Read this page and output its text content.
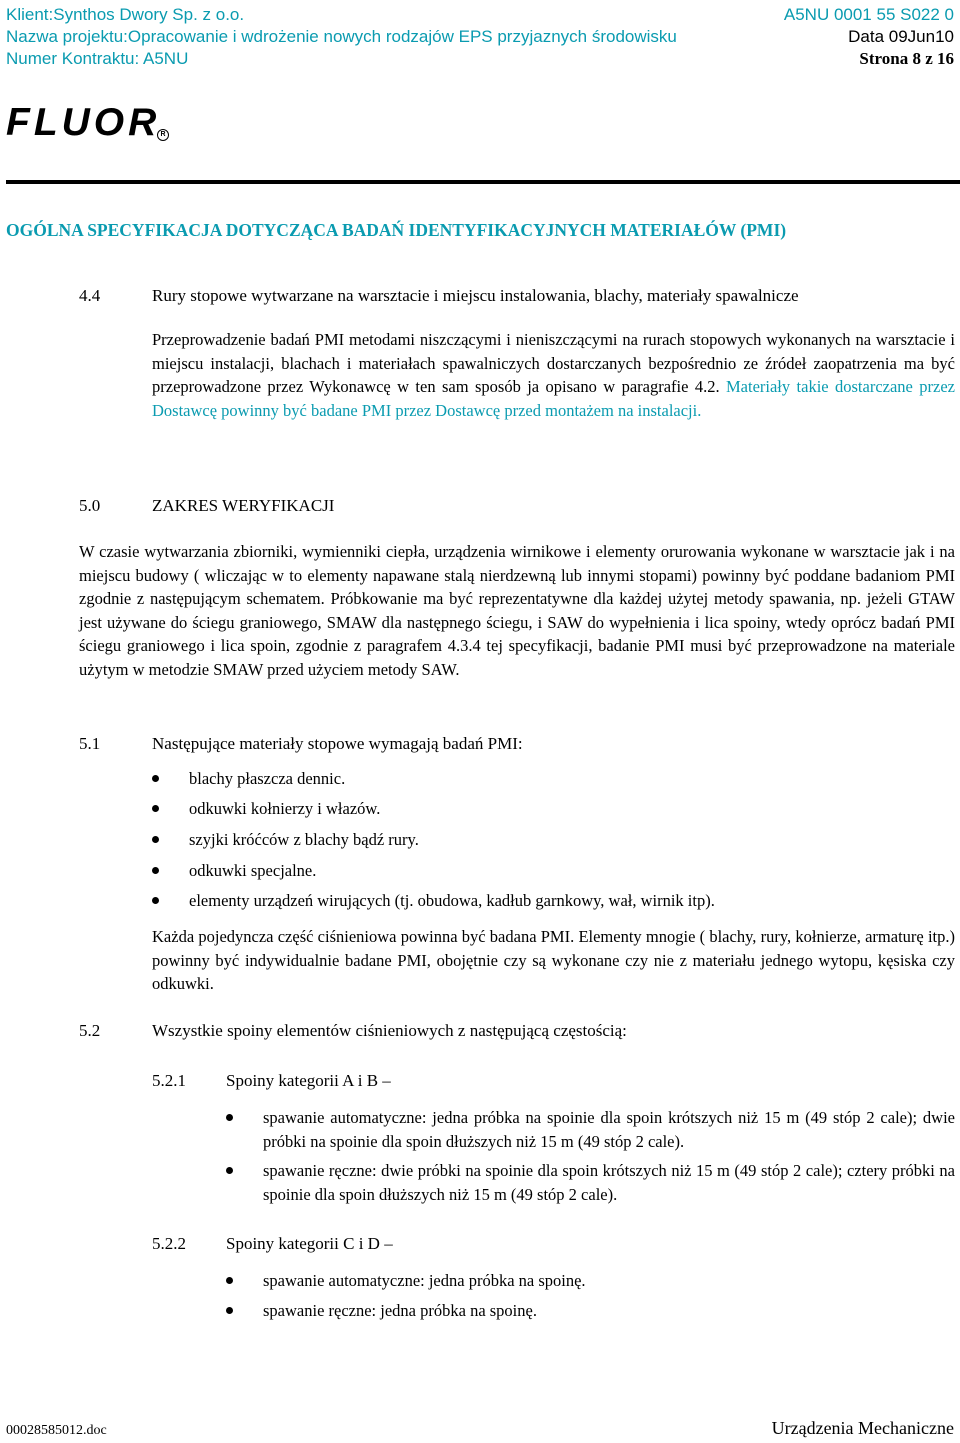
Klient:Synthos Dwory Sp. z o.o.	A5NU 0001 55 S022 0
Nazwa projektu:Opracowanie i wdrożenie nowych rodzajów EPS przyjaznych środowisku	Data 09Jun10
Numer Kontraktu: A5NU	Strona 8 z 16
FLUOR R
OGÓLNA SPECYFIKACJA DOTYCZĄCA BADAŃ IDENTYFIKACYJNYCH MATERIAŁÓW (PMI)
4.4	Rury stopowe wytwarzane na warsztacie i miejscu instalowania, blachy, materiały spawalnicze
Przeprowadzenie badań PMI metodami niszczącymi i nieniszczącymi na rurach stopowych wykonanych na warsztacie i miejscu instalacji, blachach i materiałach spawalniczych dostarczanych bezpośrednio ze źródeł zaopatrzenia ma być przeprowadzone przez Wykonawcę w ten sam sposób ja opisano w paragrafie 4.2. Materiały takie dostarczane przez Dostawcę powinny być badane PMI przez Dostawcę przed montażem na instalacji.
5.0	ZAKRES WERYFIKACJI
W czasie wytwarzania zbiorniki, wymienniki ciepła, urządzenia wirnikowe i elementy orurowania wykonane w warsztacie jak i na miejscu budowy ( wliczając w to elementy napawane stalą nierdzewną lub innymi stopami) powinny być poddane badaniom PMI zgodnie z następującym schematem. Próbkowanie ma być reprezentatywne dla każdej użytej metody spawania, np. jeżeli GTAW jest używane do ściegu graniowego, SMAW dla następnego ściegu, i SAW do wypełnienia i lica spoiny, wtedy oprócz badań PMI ściegu graniowego i lica spoin, zgodnie z paragrafem 4.3.4 tej specyfikacji, badanie PMI musi być przeprowadzone na materiale użytym w metodzie SMAW przed użyciem metody SAW.
5.1	Następujące materiały stopowe wymagają badań PMI:
blachy płaszcza dennic.
odkuwki kołnierzy i włazów.
szyjki króćców z blachy bądź rury.
odkuwki specjalne.
elementy urządzeń wirujących (tj. obudowa, kadłub garnkowy, wał, wirnik itp).
Każda pojedyncza część ciśnieniowa powinna być badana PMI. Elementy mnogie ( blachy, rury, kołnierze, armaturę itp.) powinny być indywidualnie badane PMI, obojętnie czy są wykonane czy nie z materiału jednego wytopu, kęsiska czy odkuwki.
5.2	Wszystkie spoiny elementów ciśnieniowych z następującą częstością:
5.2.1 Spoiny kategorii A i B –
spawanie automatyczne: jedna próbka na spoinie dla spoin krótszych niż 15 m (49 stóp 2 cale); dwie próbki na spoinie dla spoin dłuższych niż 15 m (49 stóp 2 cale).
spawanie ręczne: dwie próbki na spoinie dla spoin krótszych niż 15 m (49 stóp 2 cale); cztery próbki na spoinie dla spoin dłuższych niż 15 m (49 stóp 2 cale).
5.2.2 Spoiny kategorii C i D –
spawanie automatyczne: jedna próbka na spoinę.
spawanie ręczne: jedna próbka na spoinę.
00028585012.doc	Urządzenia Mechaniczne
